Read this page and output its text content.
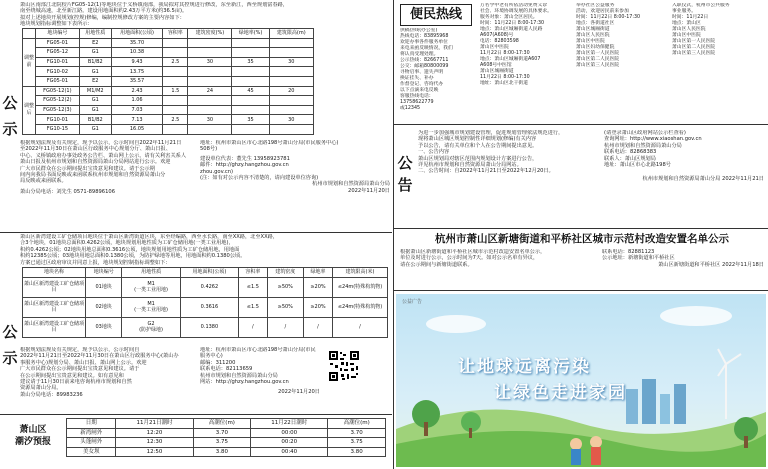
萧山区南部江北院校片FG05-12(1)等地块位于义桥镇南部，我局拟对其控规进行修改，东至新江，西至规划富春路，
南至绕城高速，北至新江路。建设用地面积约2.43万平方米(约36.5亩)。
拟对上述地块开展规划(控规)修编，编制控规修改方案的主要内容如下：
地块规划指标调整如下表所示：
公示
	地块编号	用地性质	用地面积(公顷)	容积率	建筑密度(%)	绿地率(%)	建筑限高(m)
调整前	FG05-01	E2	35.70				
	FG05-12	G1	10.38				
	FG10-01	B1/B2	9.43	2.5	30	35	30
	FG10-02	G1	13.75				
	FG05-01	E2	35.57				
调整后	FG05-12(1)	M1/M2	2.43	1.5	24	45	20
	FG05-12(2)	G1	1.06				
	FG05-12(3)	G1	7.03				
	FG10-01	B1/B2	7.13	2.5	30	35	30
	FG10-15	G1	16.05				
根据规划法规及有关规定，现予以公示，公示时间自2022年11月21日
至2022年11月30日在萧山区行政服务中心规划分厅、萧山日报、
中心、义桥镇政府办事处政务公告栏、萧山网上公示。请有关利害关系人
萧山日报及杭州市规划和自然资源局萧山分局网站进行公示。欢迎
广大市民群众在公示期间提出宝贵意见和建议。请于公示期
间内向我局书面反映或来函联系杭州市规划和自然资源局萧山分
局反映或来函联系。
萧山分局电话：刘先生 0571-89896106
地址：杭州市萧山区市心北路198号萧山分局(市民服务中心)
508号)
建设单位代表：董先生 13958923781
邮件：http://ghzy.hangzhou.gov.cn
zhou.gov.cn)
(注：如有对公示内容不清楚的，请向建设单位咨询)
杭州市规划和自然资源局萧山分局
2022年11月20日
萧山区新湾建设工矿仓储项目地块位于萧山区新湾街道区块，东至经编路，西至水长路，南至XX路，北至XX路，
合3个地块，01地块总面积0.4262公顷，地块规划用地性质为工矿仓储用地(一类工业用地)，
积约0.4262公顷；02地块用地总面积0.3616公顷，地块规划用地性质为工矿仓储用地，用地面
积约12385公顷；03地块用地总面积0.1380公顷，为防护绿地等用地，用地面积约0.1380公顷。
方案已通过区政府审议并同意上报，地块规划控制指标调整如下：
公示
地块名称	地块编号	用地性质	用地面积(公顷)	容积率	建筑密度	绿地率	建筑限高(米)
萧山区新湾建设工矿仓储项目	01地块	M1
(一类工业用地)	0.4262	≤1.5	≥50%	≥20%	≤24m(特殊构筑物)
萧山区新湾建设工矿仓储项目	02地块	M1
(一类工业用地)	0.3616	≤1.5	≥50%	≥20%	≤24m(特殊构筑物)
萧山区新湾建设工矿仓储项目	03地块	G2
(防护绿地)	0.1380	/	/	/	/
根据规划法规及有关规定，现予以公示，公示时间自
2022年11月21日至2022年11月30日在萧山区行政服务中心(萧山办
事服务中心)规划分局、萧山日报、萧山网上公示。欢迎
广大市民群众在公示期间提出宝贵意见和建议。请于
在公示期间提出宝贵意见和建议。如有意见和
建议请于11月30日前来电咨询杭州市规划和自然
资源局萧山分局。
萧山分局电话：89983236
地址：杭州市萧山区市心北路198号萧山分局(市民服务中心)
邮编：311200
联系电话：82113659
杭州市规划和自然资源局萧山分局
网站：http://ghzy.hangzhou.gov.cn
2022年11月20日
萧山区
潮汐预报
日期	11月21日潮时	高潮位(m)	11月22日潮时	高潮位(m)
新湾闸外	12:20	3.70	00:00	3.70
头蓬闸外	12:30	3.75	00:20	3.75
美女坝	12:50	3.80	00:40	3.80
便民热线
供稿热线(办公室)
热线电话：83895968
欢迎办事各件服务单位
来电来函反映情况，我们
将认真受理处理。
公示热线：82667711
公交：邮箱80800099
寻物启事、遗失声明
换证挂失、补办
作督登记、咨询代办
以下点滴来电反映
客服热线电话：
13758622779
或12345
万名学中老有所依活动免费义诊
社会、环境协调发展的具体要求。
服务对象：萧山全区居民。
时间：11月22日 8:00-17:30
地点：萧山区城厢街道人民路
A607(A608)号
电话：82803598
萧山区中医院
11月22日 8:00-17:30
地点：萧山区城厢街道A607
A608号中医馆
萧山区城厢街道
11月22日 8:00-17:30
地址：萧山区北干街道
举办社区公益服务
活动，欢迎居民前来参加
时间：11月22日 8:00-17:30
地点：各街道社区
萧山区城厢街道
萧山区人民医院
萧山区中医院
萧山区妇幼保健院
萧山区第一人民医院
萧山区第二人民医院
萧山区第三人民医院
入职仪式，杭州市公共服务
事业服务。
时间：11月22日
地点：萧山区
萧山区人民医院
萧山区中医院
萧山区第一人民医院
萧山区第二人民医院
萧山区第三人民医院
公告
为进一步加强城市规划建设管理，促进规划管理依法规范进行，
现将萧山区城区规划控制性详细规划(修编)有关内容
予以公告，请有关单位和个人在公告期间提出意见。
一、公告内容
萧山区规划局对辖区范围内规划设计方案进行公告，
详见杭州市规划和自然资源局萧山分局网站。
二、公告时间：自2022年11月21日至2022年12月20日。
(请登录萧山区政府网站公示栏查看)
查询网址：http://www.xiaoshan.gov.cn
杭州市规划和自然资源局萧山分局
联系电话：82868383
联系人：萧山区规划局
地址：萧山区市心北路198号
杭州市规划和自然资源局萧山分局 2022年11月21日
杭州市萧山区新塘街道和平桥社区城市示范村改造安置名单公示
根据萧山区新塘街道和平桥社区城市示范村改造安置名单公示，
单位及时进行公示，公示时间为7天。如对公示名单有异议，
请在公示期间与新塘街道联系。
联系电话：82881123
公示地址：新塘街道和平桥社区
萧山区新塘街道和平桥社区 2022年11月18日
公益广告
让地球远离污染
让绿色走进家园
